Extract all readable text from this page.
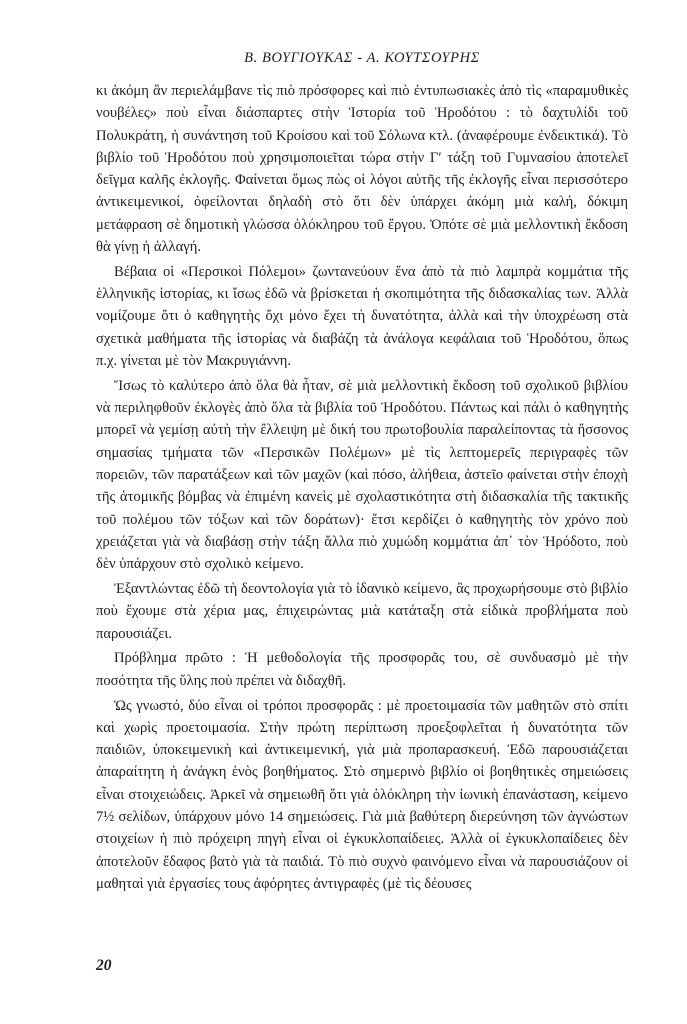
Β. ΒΟΥΓΙΟΥΚΑΣ - Α. ΚΟΥΤΣΟΥΡΗΣ

κι ἀκόμη ἂν περιελάμβανε τὶς πιὸ πρόσφορες καὶ πιὸ ἐντυπωσιακὲς ἀπὸ τὶς «παραμυθικὲς νουβέλες» ποὺ εἶναι διάσπαρτες στὴν Ἱστορία τοῦ Ἡροδότου : τὸ δαχτυλίδι τοῦ Πολυκράτη, ἡ συνάντηση τοῦ Κροίσου καὶ τοῦ Σόλωνα κτλ. (ἀναφέρουμε ἐνδεικτικά). Τὸ βιβλίο τοῦ Ἡροδότου ποὺ χρησιμοποιεῖται τώρα στὴν Γ′ τάξη τοῦ Γυμνασίου ἀποτελεῖ δεῖγμα καλῆς ἐκλογῆς. Φαίνεται ὅμως πὼς οἱ λόγοι αὐτῆς τῆς ἐκλογῆς εἶναι περισσότερο ἀντικειμενικοί, ὀφείλονται δηλαδὴ στὸ ὅτι δὲν ὑπάρχει ἀκόμη μιὰ καλή, δόκιμη μετάφραση σὲ δημοτικὴ γλώσσα ὁλόκληρου τοῦ ἔργου. Ὁπότε σὲ μιὰ μελλοντικὴ ἔκδοση θὰ γίνῃ ἡ ἀλλαγή.

Βέβαια οἱ «Περσικοὶ Πόλεμοι» ζωντανεύουν ἕνα ἀπὸ τὰ πιὸ λαμπρὰ κομμάτια τῆς ἑλληνικῆς ἱστορίας, κι ἴσως ἐδῶ νὰ βρίσκεται ἡ σκοπιμότητα τῆς διδασκαλίας των. Ἀλλὰ νομίζουμε ὅτι ὁ καθηγητὴς ὄχι μόνο ἔχει τὴ δυνατότητα, ἀλλὰ καὶ τὴν ὑποχρέωση στὰ σχετικὰ μαθήματα τῆς ἱστορίας νὰ διαβάζη τὰ ἀνάλογα κεφάλαια τοῦ Ἡροδότου, ὅπως π.χ. γίνεται μὲ τὸν Μακρυγιάννη.

Ἴσως τὸ καλύτερο ἀπὸ ὅλα θὰ ἦταν, σὲ μιὰ μελλοντικὴ ἔκδοση τοῦ σχολικοῦ βιβλίου νὰ περιληφθοῦν ἐκλογὲς ἀπὸ ὅλα τὰ βιβλία τοῦ Ἡροδότου. Πάντως καὶ πάλι ὁ καθηγητὴς μπορεῖ νὰ γεμίσῃ αὐτὴ τὴν ἔλλειψη μὲ δική του πρωτοβουλία παραλείποντας τὰ ἥσσονος σημασίας τμήματα τῶν «Περσικῶν Πολέμων» μὲ τὶς λεπτομερεῖς περιγραφὲς τῶν πορειῶν, τῶν παρατάξεων καὶ τῶν μαχῶν (καὶ πόσο, ἀλήθεια, ἀστεῖο φαίνεται στὴν ἐποχὴ τῆς ἀτομικῆς βόμβας νὰ ἐπιμένη κανεὶς μὲ σχολαστικότητα στὴ διδασκαλία τῆς τακτικῆς τοῦ πολέμου τῶν τόξων καὶ τῶν δοράτων)· ἔτσι κερδίζει ὁ καθηγητὴς τὸν χρόνο ποὺ χρειάζεται γιὰ νὰ διαβάσῃ στὴν τάξη ἄλλα πιὸ χυμώδη κομμάτια ἀπ᾿ τὸν Ἡρόδοτο, ποὺ δὲν ὑπάρχουν στὸ σχολικὸ κείμενο.

Ἐξαντλώντας ἐδῶ τὴ δεοντολογία γιὰ τὸ ἰδανικὸ κείμενο, ἂς προχωρήσουμε στὸ βιβλίο ποὺ ἔχουμε στὰ χέρια μας, ἐπιχειρώντας μιὰ κατάταξη στὰ εἰδικὰ προβλήματα ποὺ παρουσιάζει.

Πρόβλημα πρῶτο : Ἡ μεθοδολογία τῆς προσφορᾶς του, σὲ συνδυασμὸ μὲ τὴν ποσότητα τῆς ὕλης ποὺ πρέπει νὰ διδαχθῆ.

Ὡς γνωστό, δύο εἶναι οἱ τρόποι προσφορᾶς : μὲ προετοιμασία τῶν μαθητῶν στὸ σπίτι καὶ χωρὶς προετοιμασία. Στὴν πρώτη περίπτωση προεξοφλεῖται ἡ δυνατότητα τῶν παιδιῶν, ὑποκειμενικὴ καὶ ἀντικειμενική, γιὰ μιὰ προπαρασκευή. Ἐδῶ παρουσιάζεται ἀπαραίτητη ἡ ἀνάγκη ἑνὸς βοηθήματος. Στὸ σημερινὸ βιβλίο οἱ βοηθητικὲς σημειώσεις εἶναι στοιχειώδεις. Ἀρκεῖ νὰ σημειωθῆ ὅτι γιὰ ὁλόκληρη τὴν ἰωνικὴ ἐπανάσταση, κείμενο 7½ σελίδων, ὑπάρχουν μόνο 14 σημειώσεις. Γιὰ μιὰ βαθύτερη διερεύνηση τῶν ἀγνώστων στοιχείων ἡ πιὸ πρόχειρη πηγὴ εἶναι οἱ ἐγκυκλοπαίδειες. Ἀλλὰ οἱ ἐγκυκλοπαίδειες δὲν ἀποτελοῦν ἔδαφος βατὸ γιὰ τὰ παιδιά. Τὸ πιὸ συχνὸ φαινόμενο εἶναι νὰ παρουσιάζουν οἱ μαθηταὶ γιὰ ἐργασίες τους ἀφόρητες ἀντιγραφὲς (μὲ τὶς δέουσες

20
